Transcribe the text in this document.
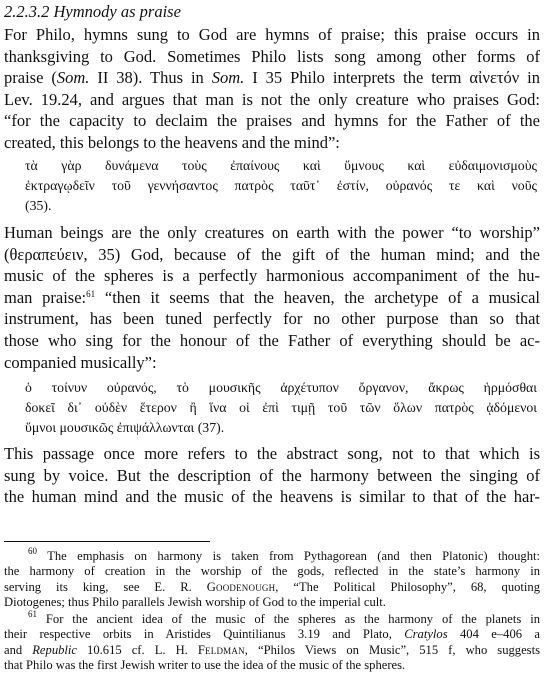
2.2.3.2 Hymnody as praise
For Philo, hymns sung to God are hymns of praise; this praise occurs in
thanksgiving to God. Sometimes Philo lists song among other forms of
praise (Som. II 38). Thus in Som. I 35 Philo interprets the term αἰνετόν in
Lev. 19.24, and argues that man is not the only creature who praises God:
“for the capacity to declaim the praises and hymns for the Father of the
created, this belongs to the heavens and the mind”:
τὰ γὰρ δυνάμενα τοὺς ἐπαίνους καὶ ὕμνους καὶ εὐδαιμονισμοὺς
ἐκτραγῳδεῖν τοῦ γεννήσαντος πατρὸς ταῦτ᾽ ἐστίν, οὐρανός τε καὶ νοῦς
(35).
Human beings are the only creatures on earth with the power “to worship”
(θεραπεύειν, 35) God, because of the gift of the human mind; and the
music of the spheres is a perfectly harmonious accompaniment of the hu-
man praise:$^{61}$ “then it seems that the heaven, the archetype of a musical
instrument, has been tuned perfectly for no other purpose than so that
those who sing for the honour of the Father of everything should be ac-
companied musically”:
ὁ τοίνυν οὐρανός, τὸ μουσικῆς ἀρχέτυπον ὄργανον, ἄκρως ἡρμόσθαι
δοκεῖ δι᾽ οὐδὲν ἕτερον ἢ ἵνα οἱ ἐπὶ τιμῇ τοῦ τῶν ὅλων πατρὸς ᾀδόμενοι
ὕμνοι μουσικῶς ἐπιψάλλωνται (37).
This passage once more refers to the abstract song, not to that which is
sung by voice. But the description of the harmony between the singing of
the human mind and the music of the heavens is similar to that of the har-
$^{60}$ The emphasis on harmony is taken from Pythagorean (and then Platonic) thought:
the harmony of creation in the worship of the gods, reflected in the state’s harmony in
serving its king, see E. R. Goodenough, “The Political Philosophy”, 68, quoting
Diotogenes; thus Philo parallels Jewish worship of God to the imperial cult.
$^{61}$ For the ancient idea of the music of the spheres as the harmony of the planets in
their respective orbits in Aristides Quintilianus 3.19 and Plato, Cratylos 404 e–406 a
and Republic 10.615 cf. L. H. Feldman, “Philos Views on Music”, 515 f, who suggests
that Philo was the first Jewish writer to use the idea of the music of the spheres.
